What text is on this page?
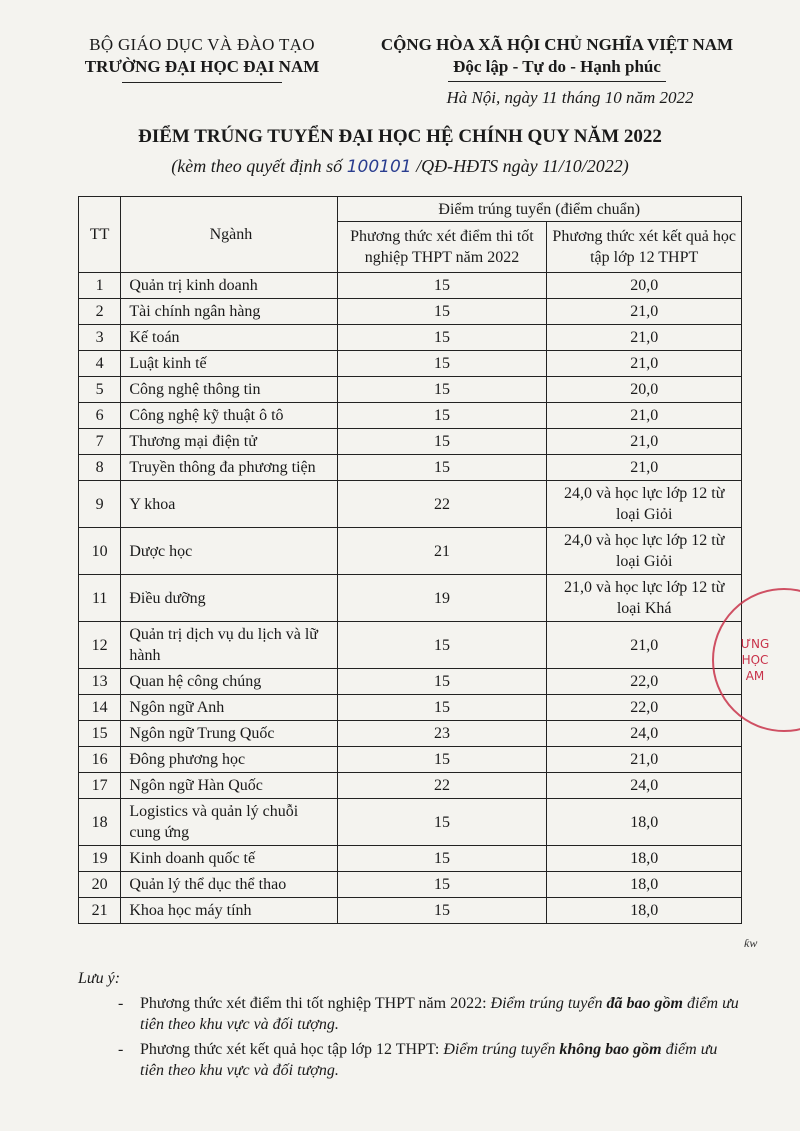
BỘ GIÁO DỤC VÀ ĐÀO TẠO
TRƯỜNG ĐẠI HỌC ĐẠI NAM
CỘNG HÒA XÃ HỘI CHỦ NGHĨA VIỆT NAM
Độc lập - Tự do - Hạnh phúc
Hà Nội, ngày 11 tháng 10 năm 2022
ĐIỂM TRÚNG TUYỂN ĐẠI HỌC HỆ CHÍNH QUY NĂM 2022
(kèm theo quyết định số 100101 /QĐ-HĐTS ngày 11/10/2022)
TT	Ngành	Điểm trúng tuyển (điểm chuẩn)	
		Phương thức xét điểm thi tốt nghiệp THPT năm 2022	Phương thức xét kết quả học tập lớp 12 THPT
1	Quản trị kinh doanh	15	20,0
2	Tài chính ngân hàng	15	21,0
3	Kế toán	15	21,0
4	Luật kinh tế	15	21,0
5	Công nghệ thông tin	15	20,0
6	Công nghệ kỹ thuật ô tô	15	21,0
7	Thương mại điện tử	15	21,0
8	Truyền thông đa phương tiện	15	21,0
9	Y khoa	22	24,0 và học lực lớp 12 từ loại Giỏi
10	Dược học	21	24,0 và học lực lớp 12 từ loại Giỏi
11	Điều dưỡng	19	21,0 và học lực lớp 12 từ loại Khá
12	Quản trị dịch vụ du lịch và lữ hành	15	21,0
13	Quan hệ công chúng	15	22,0
14	Ngôn ngữ Anh	15	22,0
15	Ngôn ngữ Trung Quốc	23	24,0
16	Đông phương học	15	21,0
17	Ngôn ngữ Hàn Quốc	22	24,0
18	Logistics và quản lý chuỗi cung ứng	15	18,0
19	Kinh doanh quốc tế	15	18,0
20	Quản lý thể dục thể thao	15	18,0
21	Khoa học máy tính	15	18,0
Lưu ý:
- Phương thức xét điểm thi tốt nghiệp THPT năm 2022: Điểm trúng tuyển đã bao gồm điểm ưu tiên theo khu vực và đối tượng.
- Phương thức xét kết quả học tập lớp 12 THPT: Điểm trúng tuyển không bao gồm điểm ưu tiên theo khu vực và đối tượng.
ƯNG
HỌC
AM
ƙw
